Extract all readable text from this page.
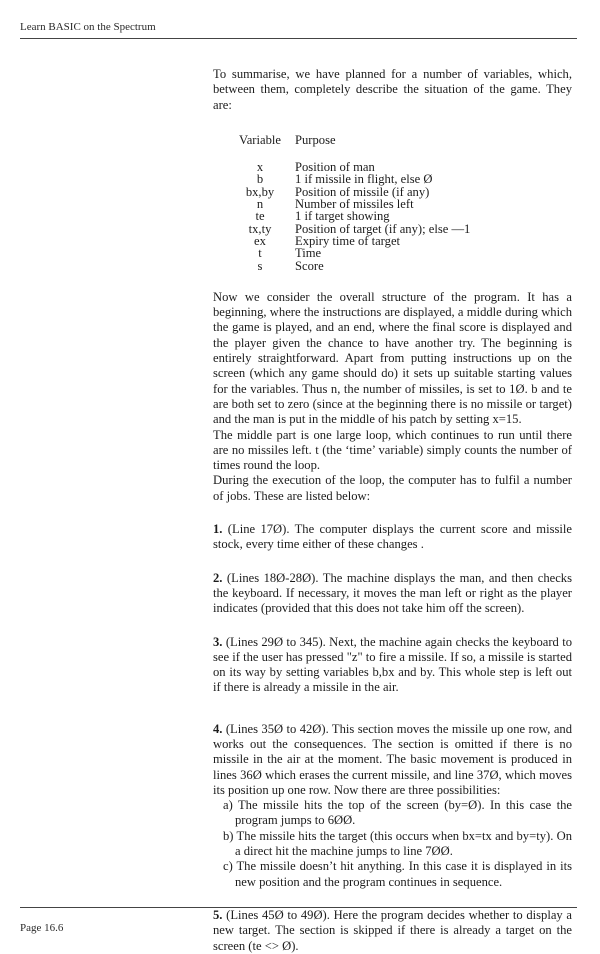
Learn BASIC on the Spectrum

To summarise, we have planned for a number of variables, which, between them, completely describe the situation of the game. They are:

Variable	Purpose
x	Position of man
b	1 if missile in flight, else Ø
bx,by	Position of missile (if any)
n	Number of missiles left
te	1 if target showing
tx,ty	Position of target (if any); else —1
ex	Expiry time of target
t	Time
s	Score

Now we consider the overall structure of the program. It has a beginning, where the instructions are displayed, a middle during which the game is played, and an end, where the final score is displayed and the player given the chance to have another try. The beginning is entirely straightforward. Apart from putting instructions up on the screen (which any game should do) it sets up suitable starting values for the variables. Thus n, the number of missiles, is set to 1Ø. b and te are both set to zero (since at the beginning there is no missile or target) and the man is put in the middle of his patch by setting x=15.

The middle part is one large loop, which continues to run until there are no missiles left. t (the ‘time’ variable) simply counts the number of times round the loop.

During the execution of the loop, the computer has to fulfil a number of jobs. These are listed below:

1. (Line 17Ø). The computer displays the current score and missile stock, every time either of these changes .

2. (Lines 18Ø-28Ø). The machine displays the man, and then checks the keyboard. If necessary, it moves the man left or right as the player indicates (provided that this does not take him off the screen).

3. (Lines 29Ø to 345). Next, the machine again checks the keyboard to see if the user has pressed "z" to fire a missile. If so, a missile is started on its way by setting variables b,bx and by. This whole step is left out if there is already a missile in the air.

4. (Lines 35Ø to 42Ø). This section moves the missile up one row, and works out the consequences. The section is omitted if there is no missile in the air at the moment. The basic movement is produced in lines 36Ø which erases the current missile, and line 37Ø, which moves its position up one row. Now there are three possibilities:

a) The missile hits the top of the screen (by=Ø). In this case the program jumps to 6ØØ.
b) The missile hits the target (this occurs when bx=tx and by=ty). On a direct hit the machine jumps to line 7ØØ.
c) The missile doesn’t hit anything. In this case it is displayed in its new position and the program continues in sequence.

5. (Lines 45Ø to 49Ø). Here the program decides whether to display a new target. The section is skipped if there is already a target on the screen (te <> Ø).

Page 16.6
